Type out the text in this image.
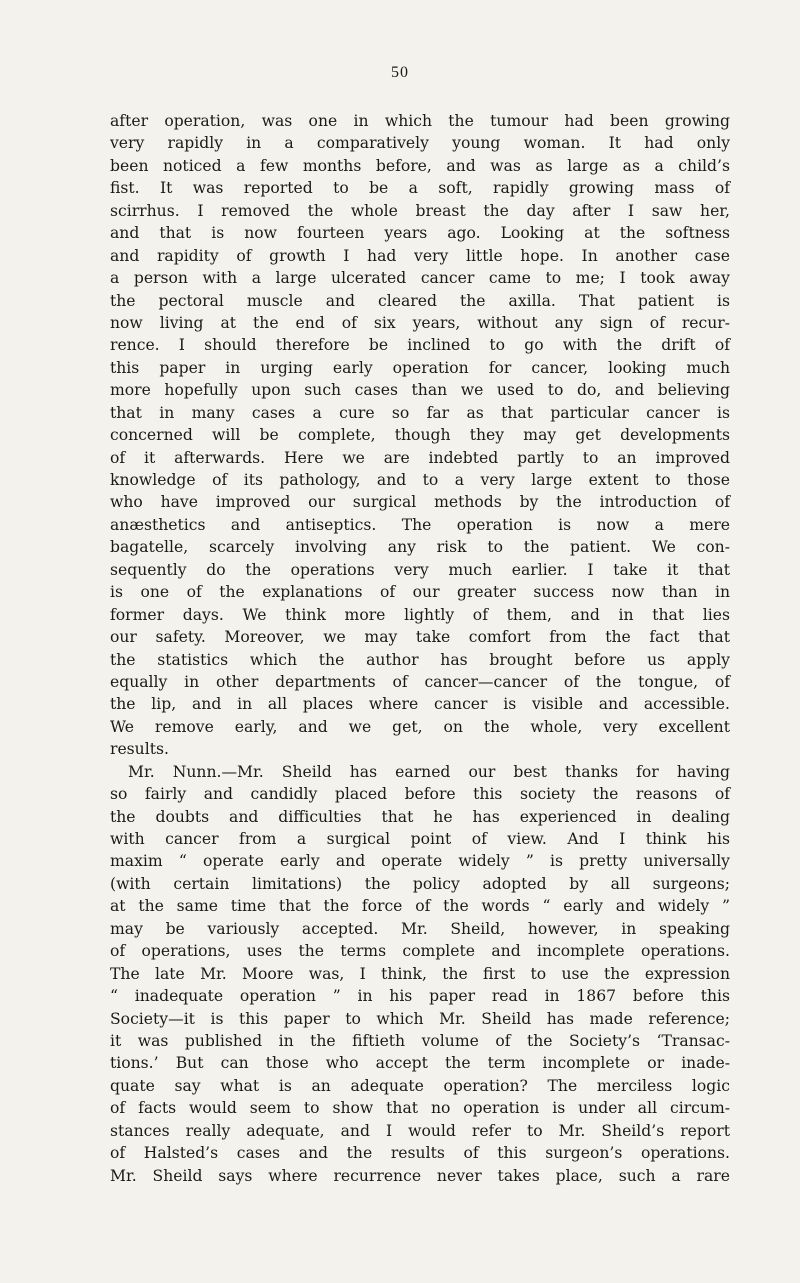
50
after operation, was one in which the tumour had been growing
very rapidly in a comparatively young woman. It had only
been noticed a few months before, and was as large as a child’s
fist. It was reported to be a soft, rapidly growing mass of
scirrhus. I removed the whole breast the day after I saw her,
and that is now fourteen years ago. Looking at the softness
and rapidity of growth I had very little hope. In another case
a person with a large ulcerated cancer came to me; I took away
the pectoral muscle and cleared the axilla. That patient is
now living at the end of six years, without any sign of recur-
rence. I should therefore be inclined to go with the drift of
this paper in urging early operation for cancer, looking much
more hopefully upon such cases than we used to do, and believing
that in many cases a cure so far as that particular cancer is
concerned will be complete, though they may get developments
of it afterwards. Here we are indebted partly to an improved
knowledge of its pathology, and to a very large extent to those
who have improved our surgical methods by the introduction of
anæsthetics and antiseptics. The operation is now a mere
bagatelle, scarcely involving any risk to the patient. We con-
sequently do the operations very much earlier. I take it that
is one of the explanations of our greater success now than in
former days. We think more lightly of them, and in that lies
our safety. Moreover, we may take comfort from the fact that
the statistics which the author has brought before us apply
equally in other departments of cancer—cancer of the tongue, of
the lip, and in all places where cancer is visible and accessible.
We remove early, and we get, on the whole, very excellent
results.
Mr. Nunn.—Mr. Sheild has earned our best thanks for having
so fairly and candidly placed before this society the reasons of
the doubts and difficulties that he has experienced in dealing
with cancer from a surgical point of view. And I think his
maxim “ operate early and operate widely ” is pretty universally
(with certain limitations) the policy adopted by all surgeons;
at the same time that the force of the words “ early and widely ”
may be variously accepted. Mr. Sheild, however, in speaking
of operations, uses the terms complete and incomplete operations.
The late Mr. Moore was, I think, the first to use the expression
“ inadequate operation ” in his paper read in 1867 before this
Society—it is this paper to which Mr. Sheild has made reference;
it was published in the fiftieth volume of the Society’s ‘Transac-
tions.’ But can those who accept the term incomplete or inade-
quate say what is an adequate operation? The merciless logic
of facts would seem to show that no operation is under all circum-
stances really adequate, and I would refer to Mr. Sheild’s report
of Halsted’s cases and the results of this surgeon’s operations.
Mr. Sheild says where recurrence never takes place, such a rare
